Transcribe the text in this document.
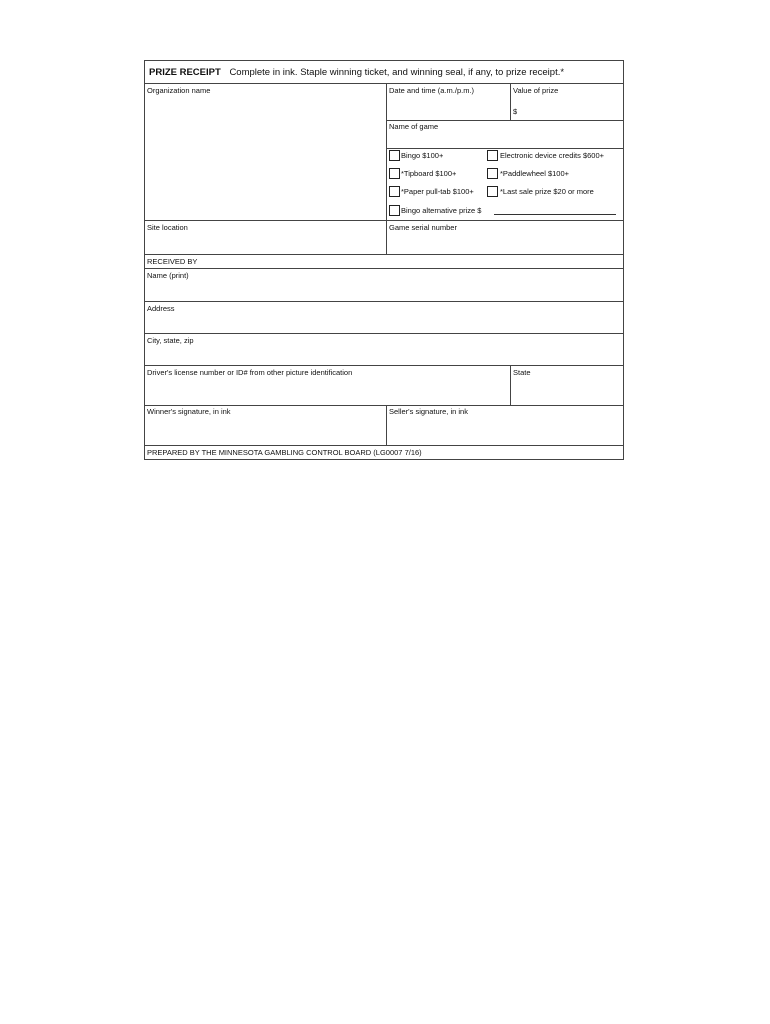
PRIZE RECEIPT Complete in ink. Staple winning ticket, and winning seal, if any, to prize receipt.*
Organization name	Date and time (a.m./p.m.)	Value of prize
$
Name of game
Bingo $100+	Electronic device credits $600+
*Tipboard $100+	*Paddlewheel $100+
*Paper pull-tab $100+	*Last sale prize $20 or more
Bingo alternative prize $
Site location	Game serial number
RECEIVED BY
Name (print)
Address
City, state, zip
Driver's license number or ID# from other picture identification	State
Winner's signature, in ink	Seller's signature, in ink
PREPARED BY THE MINNESOTA GAMBLING CONTROL BOARD (LG0007 7/16)
